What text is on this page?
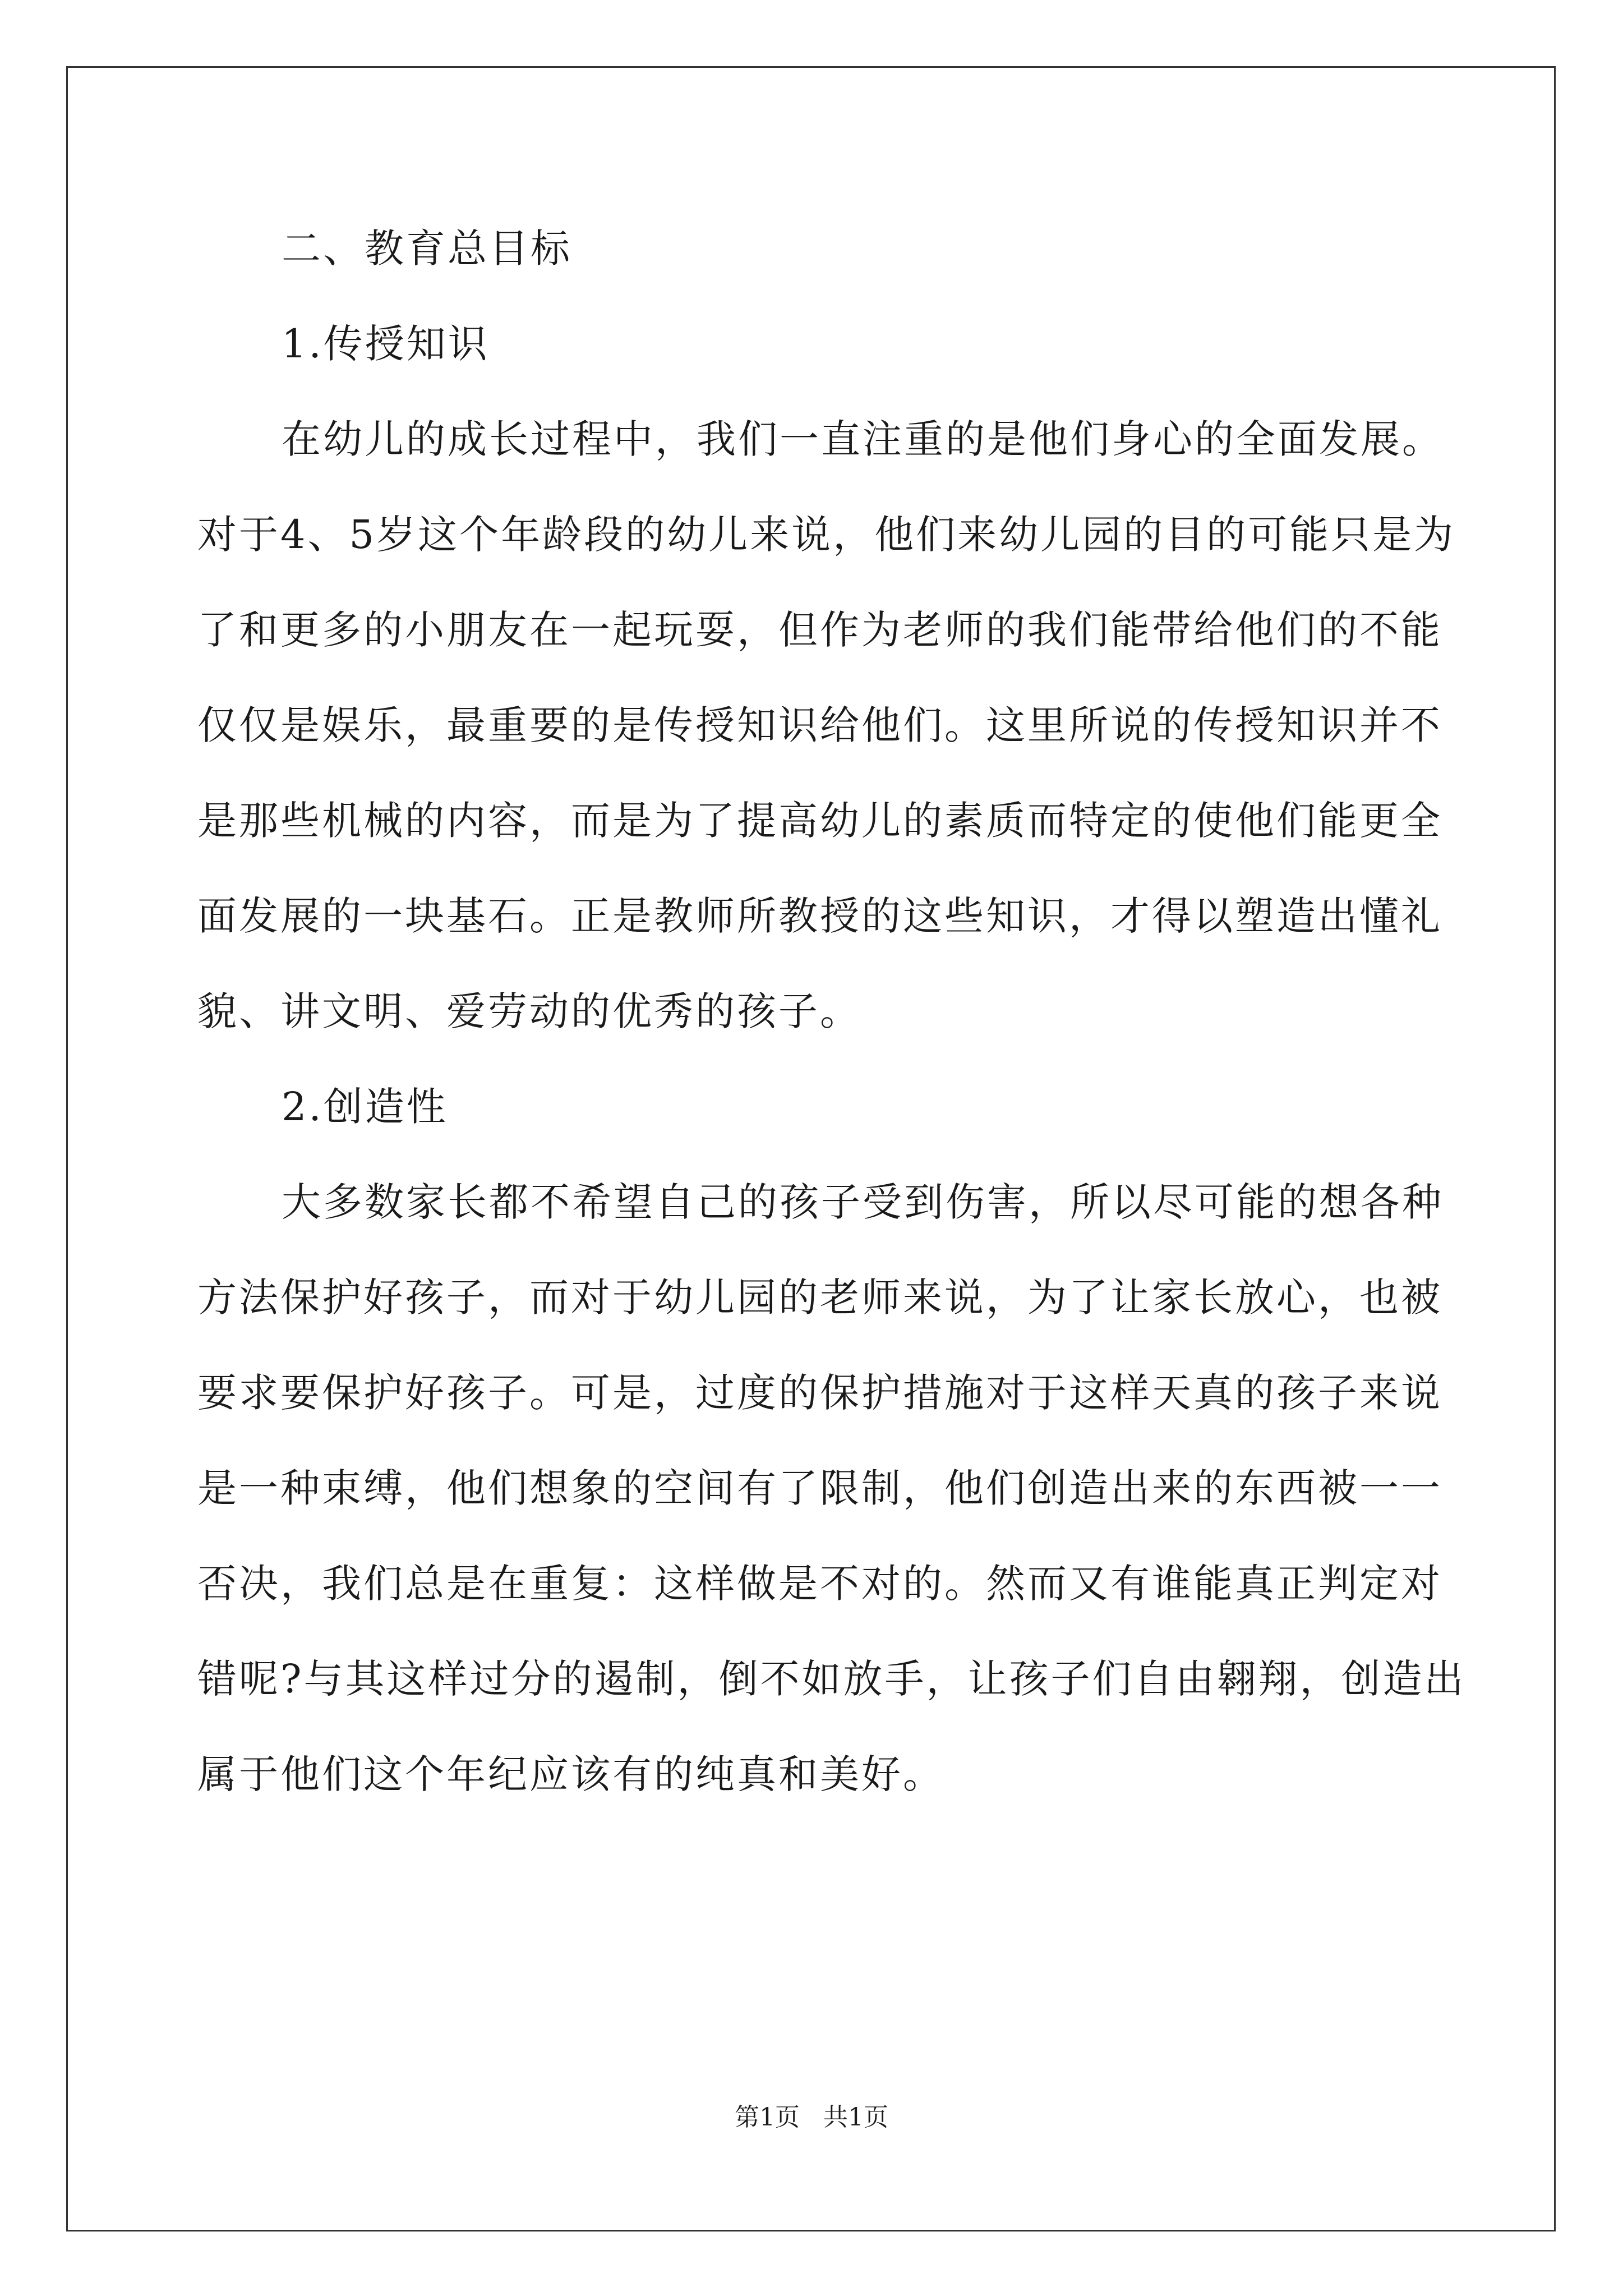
二、教育总目标

1.传授知识

在幼儿的成长过程中，我们一直注重的是他们身心的全面发展。
对于4、5岁这个年龄段的幼儿来说，他们来幼儿园的目的可能只是为
了和更多的小朋友在一起玩耍，但作为老师的我们能带给他们的不能
仅仅是娱乐，最重要的是传授知识给他们。这里所说的传授知识并不
是那些机械的内容，而是为了提高幼儿的素质而特定的使他们能更全
面发展的一块基石。正是教师所教授的这些知识，才得以塑造出懂礼
貌、讲文明、爱劳动的优秀的孩子。

2.创造性

大多数家长都不希望自己的孩子受到伤害，所以尽可能的想各种
方法保护好孩子，而对于幼儿园的老师来说，为了让家长放心，也被
要求要保护好孩子。可是，过度的保护措施对于这样天真的孩子来说
是一种束缚，他们想象的空间有了限制，他们创造出来的东西被一一
否决，我们总是在重复：这样做是不对的。然而又有谁能真正判定对
错呢?与其这样过分的遏制，倒不如放手，让孩子们自由翱翔，创造出
属于他们这个年纪应该有的纯真和美好。

第1页 共1页
